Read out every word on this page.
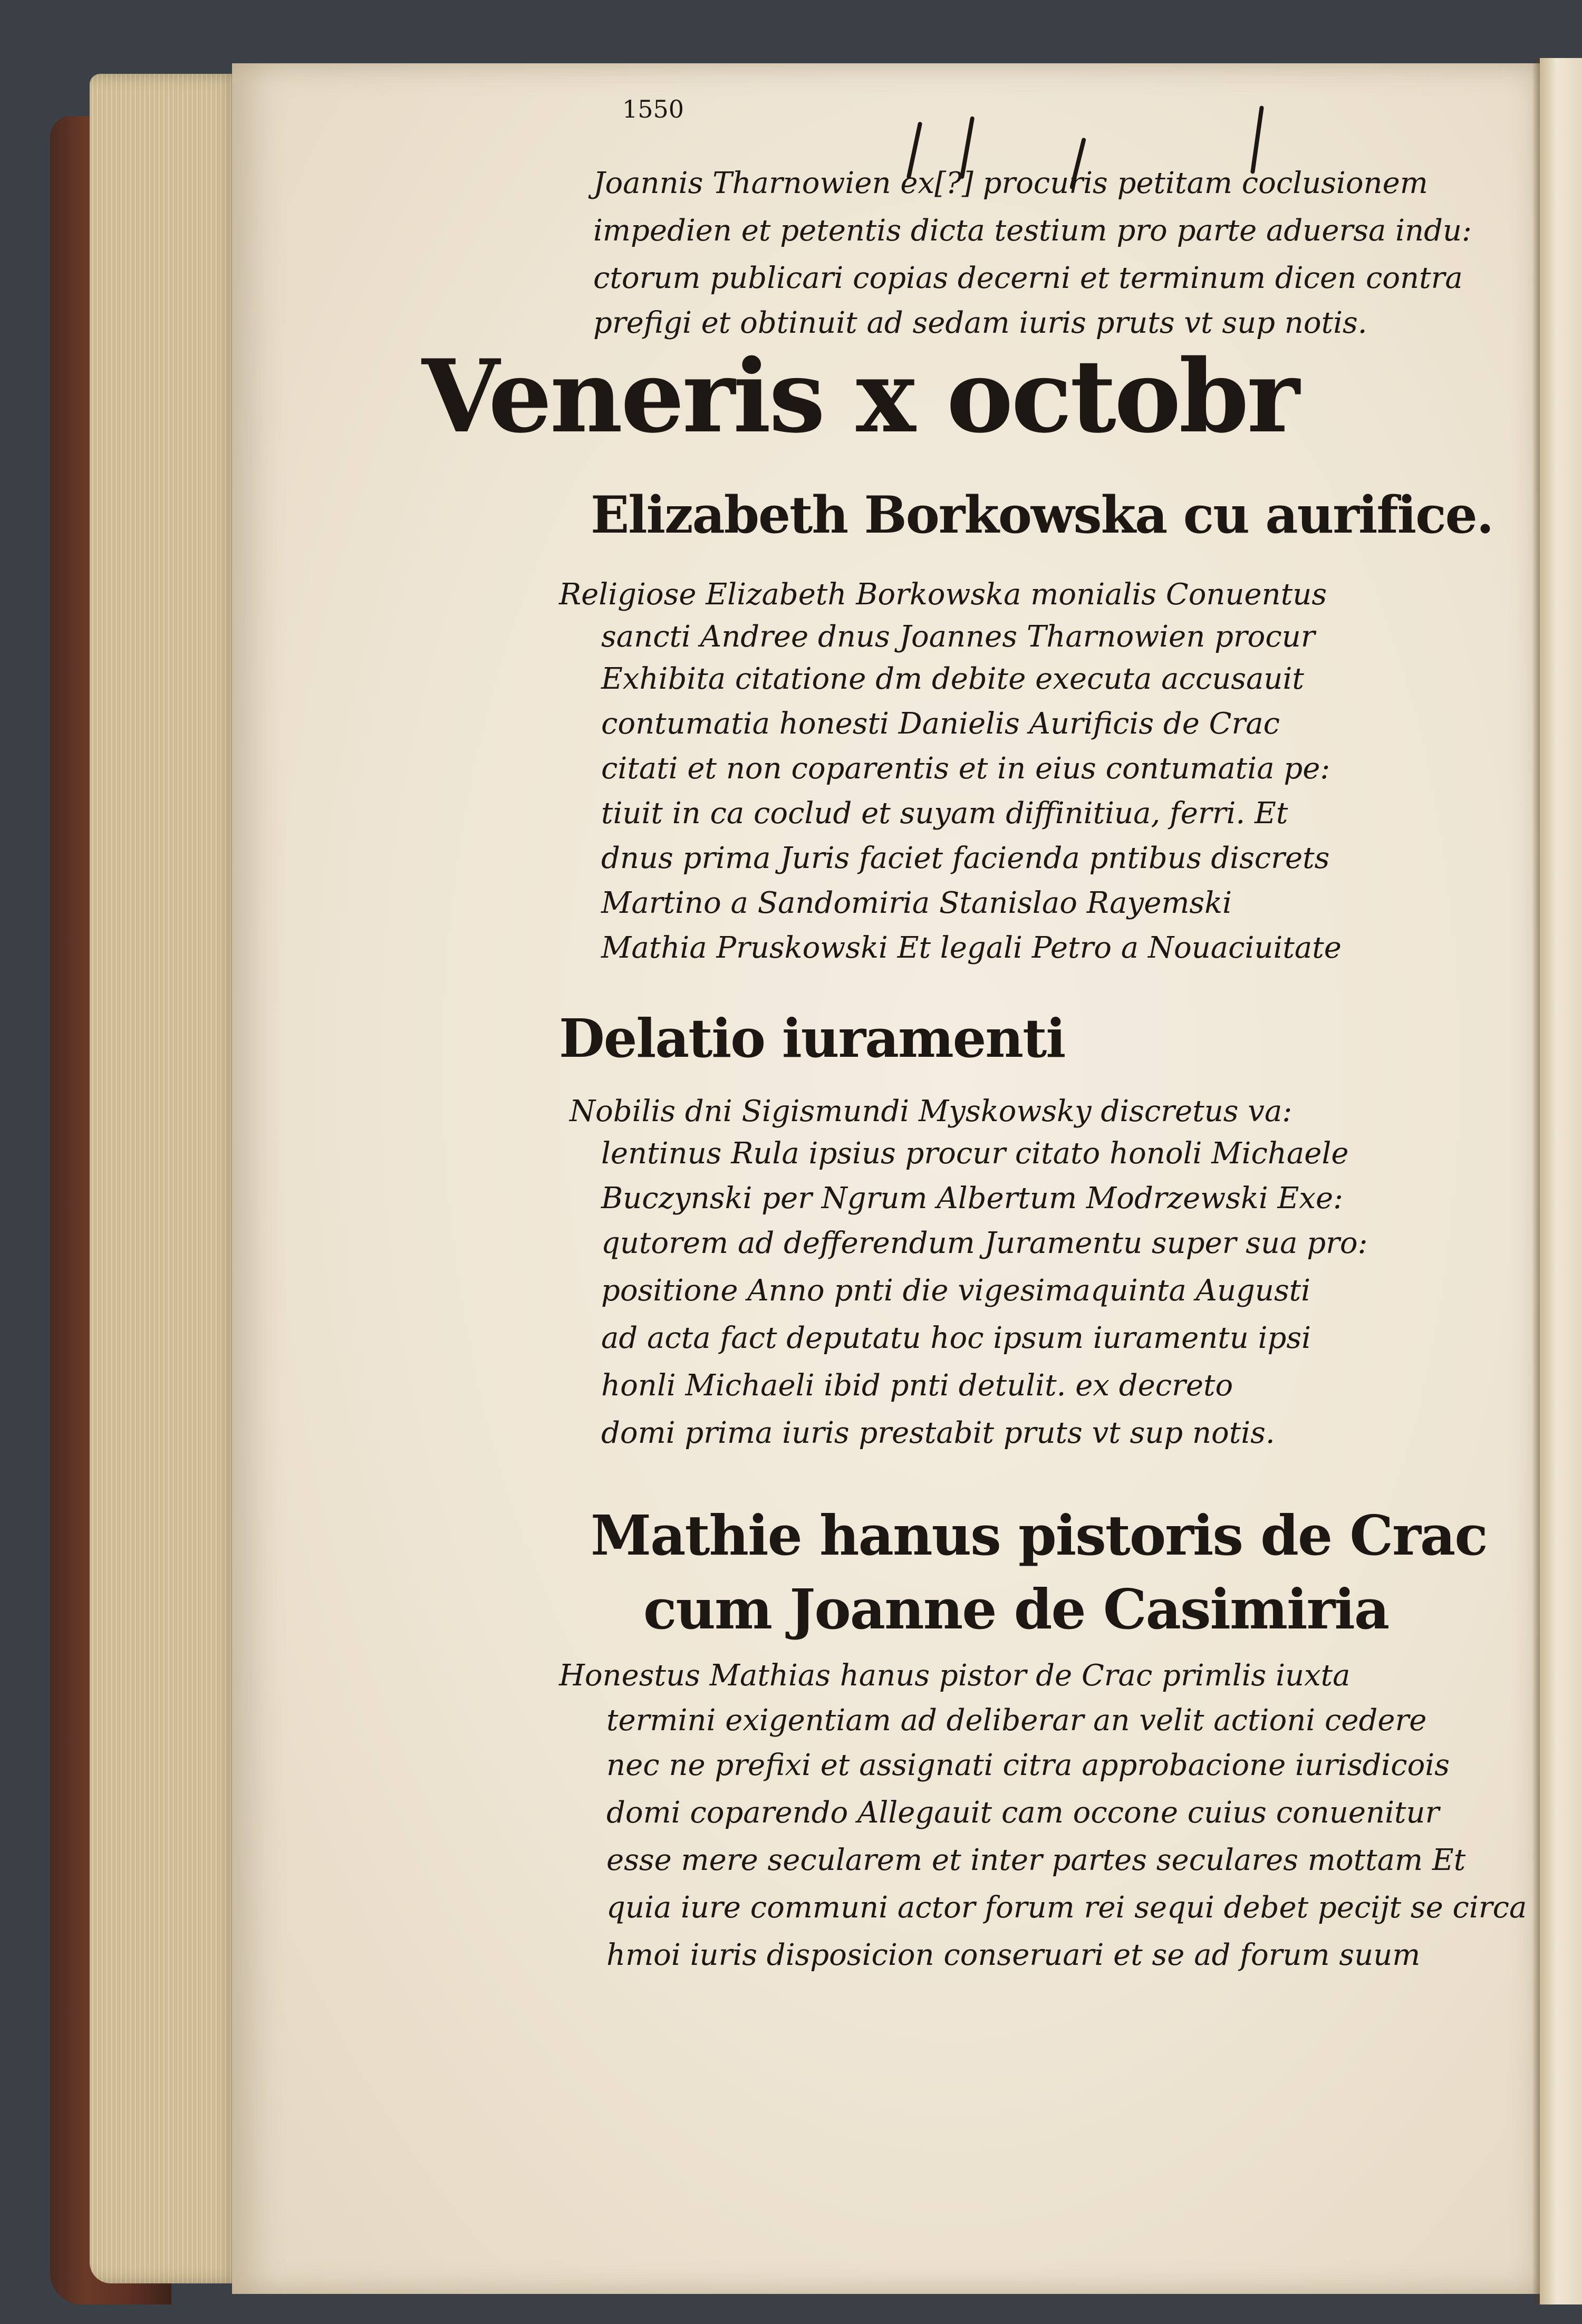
1550

Joannis Tharnowien ex[?] procuris petitam coclusionem

impedien et petentis dicta testium pro parte aduersa indu:

ctorum publicari copias decerni et terminum dicen contra

prefigi et obtinuit ad sedam iuris pruts vt sup notis.

Veneris x octobr
Elizabeth Borkowska cu aurifice.

Religiose Elizabeth Borkowska monialis Conuentus

sancti Andree dnus Joannes Tharnowien procur

Exhibita citatione dm debite executa accusauit

contumatia honesti Danielis Aurificis de Crac

citati et non coparentis et in eius contumatia pe:

tiuit in ca coclud et suyam diffinitiua, ferri. Et

dnus prima Juris faciet facienda pntibus discrets

Martino a Sandomiria Stanislao Rayemski

Mathia Pruskowski Et legali Petro a Nouaciuitate

Delatio iuramenti

Nobilis dni Sigismundi Myskowsky discretus va:

lentinus Rula ipsius procur citato honoli Michaele

Buczynski per Ngrum Albertum Modrzewski Exe:

qutorem ad defferendum Juramentu super sua pro:

positione Anno pnti die vigesimaquinta Augusti

ad acta fact deputatu hoc ipsum iuramentu ipsi

honli Michaeli ibid pnti detulit. ex decreto

domi prima iuris prestabit pruts vt sup notis.

Mathie hanus pistoris de Crac
cum Joanne de Casimiria

Honestus Mathias hanus pistor de Crac primlis iuxta

termini exigentiam ad deliberar an velit actioni cedere

nec ne prefixi et assignati citra approbacione iurisdicois

domi coparendo Allegauit cam occone cuius conuenitur

esse mere secularem et inter partes seculares mottam Et

quia iure communi actor forum rei sequi debet pecijt se circa

hmoi iuris disposicion conseruari et se ad forum suum
